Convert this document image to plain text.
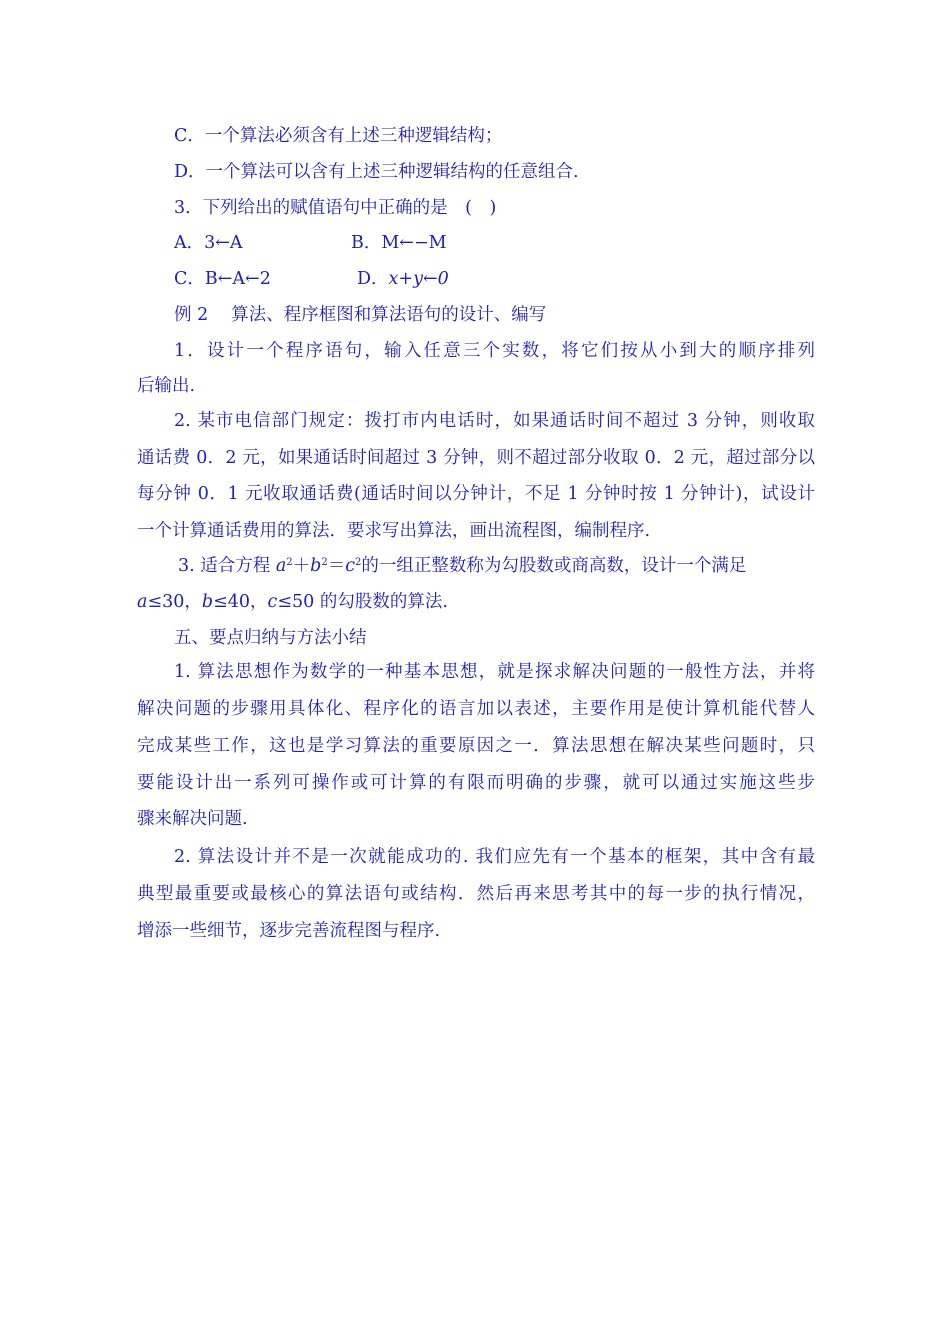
C．一个算法必须含有上述三种逻辑结构；
D．一个算法可以含有上述三种逻辑结构的任意组合.
3．下列给出的赋值语句中正确的是　(　)
A．3←A	B．M←−M
C．B←A←2	D．x+y←0
例 2　 算法、程序框图和算法语句的设计、编写
1．设计一个程序语句，输入任意三个实数，将它们按从小到大的顺序排列
后输出.
2. 某市电信部门规定：拨打市内电话时，如果通话时间不超过 3 分钟，则收取
通话费 0．2 元，如果通话时间超过 3 分钟，则不超过部分收取 0．2 元，超过部分以
每分钟 0．1 元收取通话费(通话时间以分钟计，不足 1 分钟时按 1 分钟计)，试设计
一个计算通话费用的算法．要求写出算法，画出流程图，编制程序.
3. 适合方程 $a^2+b^2=c^2$的一组正整数称为勾股数或商高数，设计一个满足
a≤30，b≤40，c≤50 的勾股数的算法.
五、要点归纳与方法小结
1. 算法思想作为数学的一种基本思想，就是探求解决问题的一般性方法，并将
解决问题的步骤用具体化、程序化的语言加以表述，主要作用是使计算机能代替人
完成某些工作，这也是学习算法的重要原因之一．算法思想在解决某些问题时，只
要能设计出一系列可操作或可计算的有限而明确的步骤，就可以通过实施这些步
骤来解决问题.
2. 算法设计并不是一次就能成功的. 我们应先有一个基本的框架，其中含有最
典型最重要或最核心的算法语句或结构．然后再来思考其中的每一步的执行情况，
增添一些细节，逐步完善流程图与程序.
